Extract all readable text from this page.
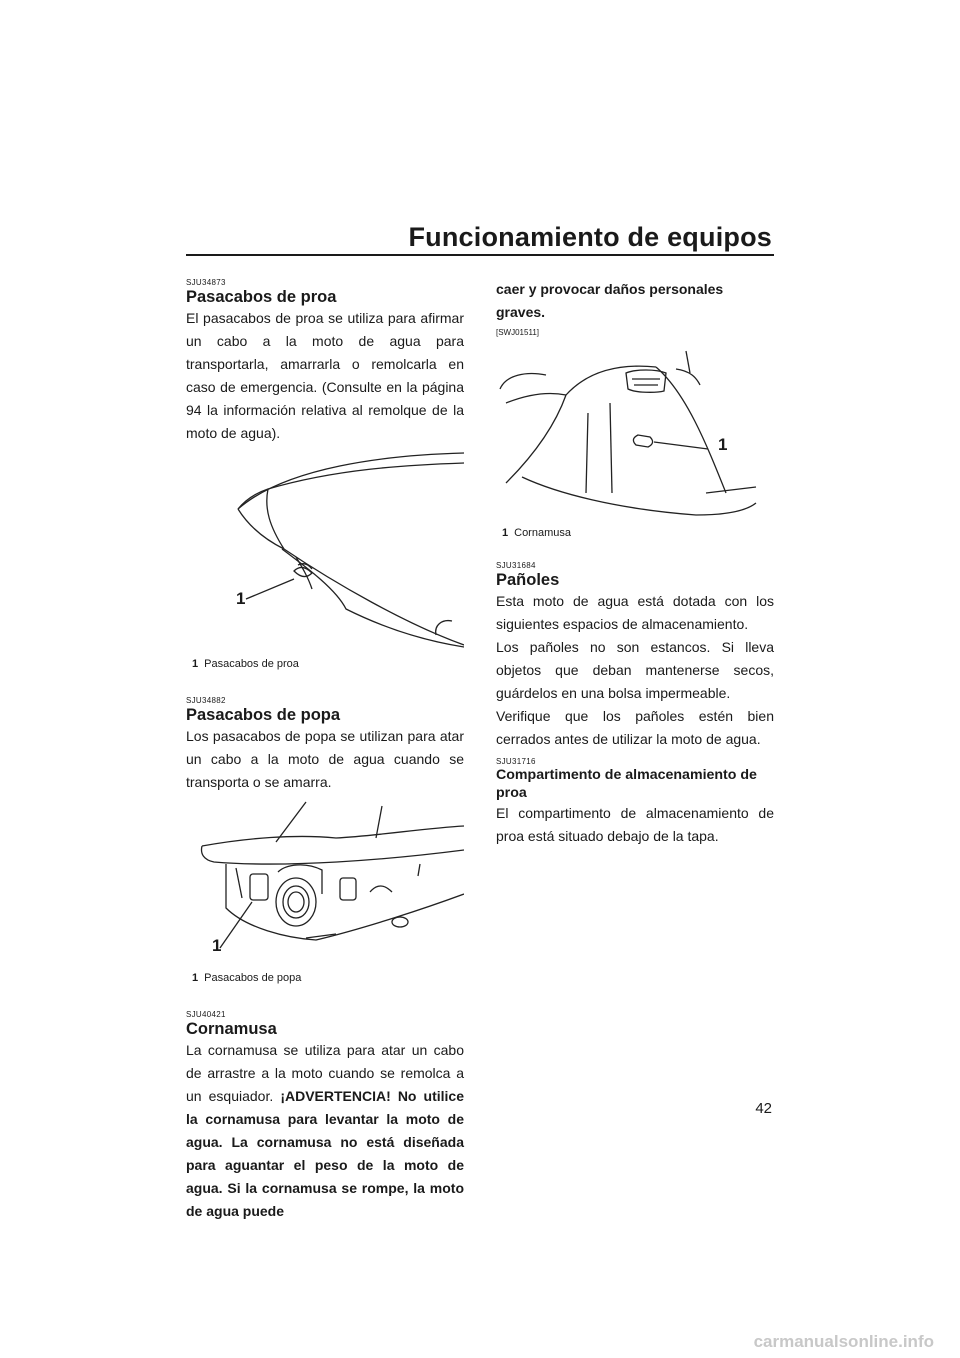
Funcionamiento de equipos
SJU34873
Pasacabos de proa

El pasacabos de proa se utiliza para afirmar un cabo a la moto de agua para transportarla, amarrarla o remolcarla en caso de emergencia. (Consulte en la página 94 la información relativa al remolque de la moto de agua).

1
1 Pasacabos de proa
SJU34882
Pasacabos de popa

Los pasacabos de popa se utilizan para atar un cabo a la moto de agua cuando se transporta o se amarra.

1
1 Pasacabos de popa
SJU40421
Cornamusa

La cornamusa se utiliza para atar un cabo de arrastre a la moto cuando se remolca a un esquiador. ¡ADVERTENCIA! No utilice la cornamusa para levantar la moto de agua. La cornamusa no está diseñada para aguantar el peso de la moto de agua. Si la cornamusa se rompe, la moto de agua puede

caer y provocar daños personales graves.

[SWJ01511]
1
1 Cornamusa
SJU31684
Pañoles

Esta moto de agua está dotada con los siguientes espacios de almacenamiento.

Los pañoles no son estancos. Si lleva objetos que deban mantenerse secos, guárdelos en una bolsa impermeable.

Verifique que los pañoles estén bien cerrados antes de utilizar la moto de agua.

SJU31716
Compartimento de almacenamiento de proa

El compartimento de almacenamiento de proa está situado debajo de la tapa.

42
carmanualsonline.info
